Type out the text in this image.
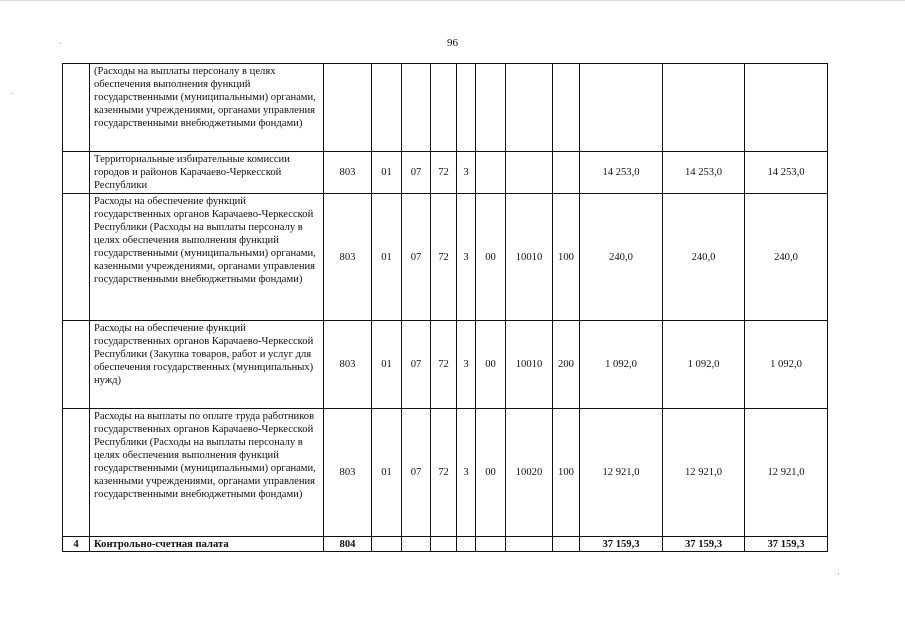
96
	(Расходы на выплаты персоналу в целях обеспечения выполнения функций государственными (муниципальными) органами, казенными учреждениями, органами управления государственными внебюджетными фондами)											
	Территориальные избирательные комиссии городов и районов Карачаево-Черкесской Республики	803	01	07	72	3				14 253,0	14 253,0	14 253,0
	Расходы на обеспечение функций государственных органов Карачаево-Черкесской Республики (Расходы на выплаты персоналу в целях обеспечения выполнения функций государственными (муниципальными) органами, казенными учреждениями, органами управления государственными внебюджетными фондами)	803	01	07	72	3	00	10010	100	240,0	240,0	240,0
	Расходы на обеспечение функций государственных органов Карачаево-Черкесской Республики (Закупка товаров, работ и услуг для обеспечения государственных (муниципальных) нужд)	803	01	07	72	3	00	10010	200	1 092,0	1 092,0	1 092,0
	Расходы на выплаты по оплате труда работников государственных органов Карачаево-Черкесской Республики (Расходы на выплаты персоналу в целях обеспечения выполнения функций государственными (муниципальными) органами, казенными учреждениями, органами управления государственными внебюджетными фондами)	803	01	07	72	3	00	10020	100	12 921,0	12 921,0	12 921,0
4	Контрольно-счетная палата	804								37 159,3	37 159,3	37 159,3
